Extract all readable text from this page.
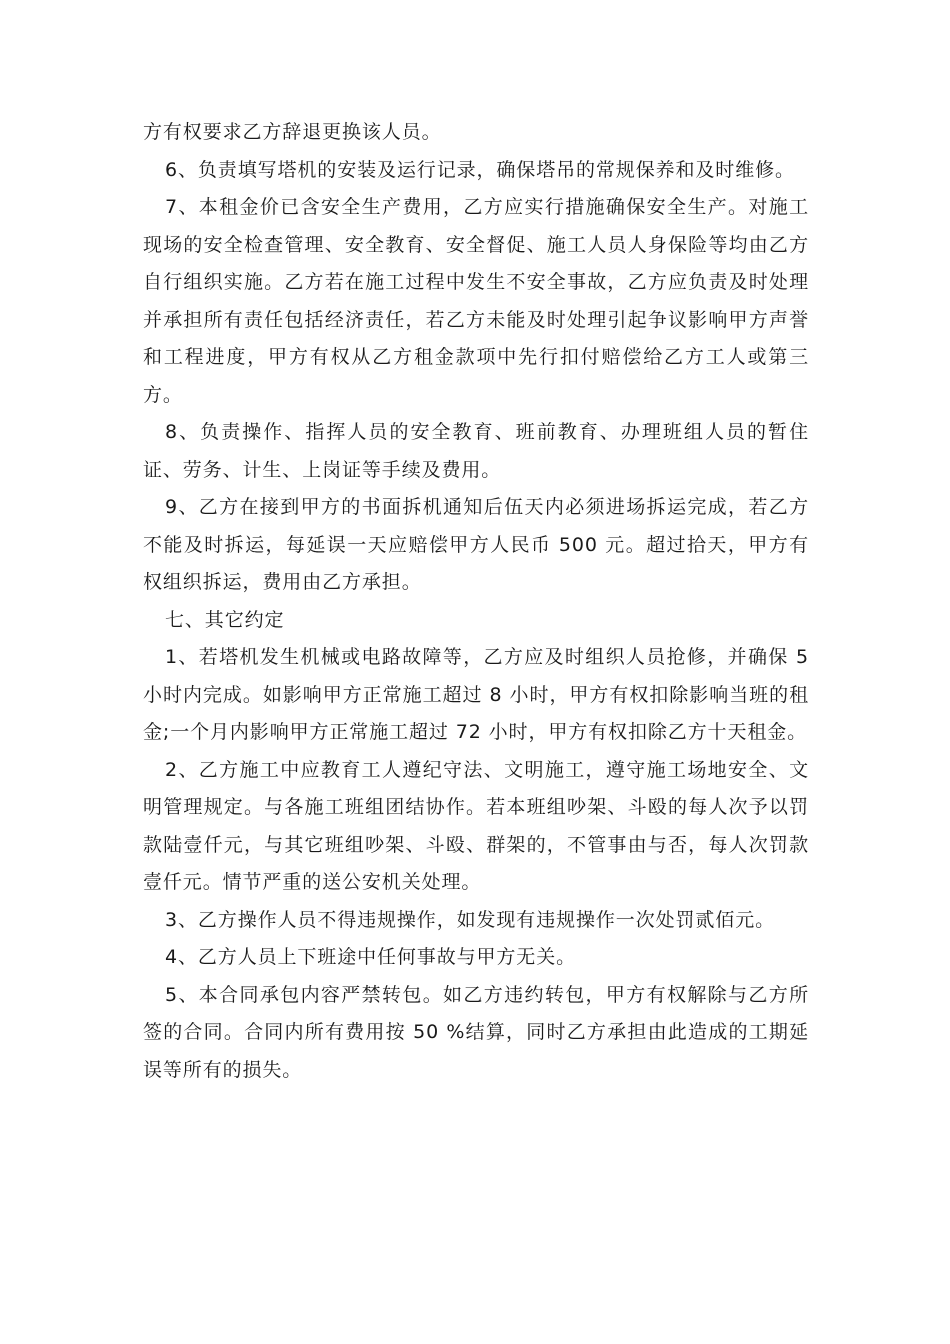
方有权要求乙方辞退更换该人员。

6、负责填写塔机的安装及运行记录，确保塔吊的常规保养和及时维修。

7、本租金价已含安全生产费用，乙方应实行措施确保安全生产。对施工现场的安全检查管理、安全教育、安全督促、施工人员人身保险等均由乙方自行组织实施。乙方若在施工过程中发生不安全事故，乙方应负责及时处理并承担所有责任包括经济责任，若乙方未能及时处理引起争议影响甲方声誉和工程进度，甲方有权从乙方租金款项中先行扣付赔偿给乙方工人或第三方。

8、负责操作、指挥人员的安全教育、班前教育、办理班组人员的暂住证、劳务、计生、上岗证等手续及费用。

9、乙方在接到甲方的书面拆机通知后伍天内必须进场拆运完成，若乙方不能及时拆运，每延误一天应赔偿甲方人民币 500 元。超过拾天，甲方有权组织拆运，费用由乙方承担。

七、其它约定

1、若塔机发生机械或电路故障等，乙方应及时组织人员抢修，并确保 5 小时内完成。如影响甲方正常施工超过 8 小时，甲方有权扣除影响当班的租金;一个月内影响甲方正常施工超过 72 小时，甲方有权扣除乙方十天租金。

2、乙方施工中应教育工人遵纪守法、文明施工，遵守施工场地安全、文明管理规定。与各施工班组团结协作。若本班组吵架、斗殴的每人次予以罚款陆壹仟元，与其它班组吵架、斗殴、群架的，不管事由与否，每人次罚款壹仟元。情节严重的送公安机关处理。

3、乙方操作人员不得违规操作，如发现有违规操作一次处罚贰佰元。

4、乙方人员上下班途中任何事故与甲方无关。

5、本合同承包内容严禁转包。如乙方违约转包，甲方有权解除与乙方所签的合同。合同内所有费用按 50 %结算，同时乙方承担由此造成的工期延误等所有的损失。
